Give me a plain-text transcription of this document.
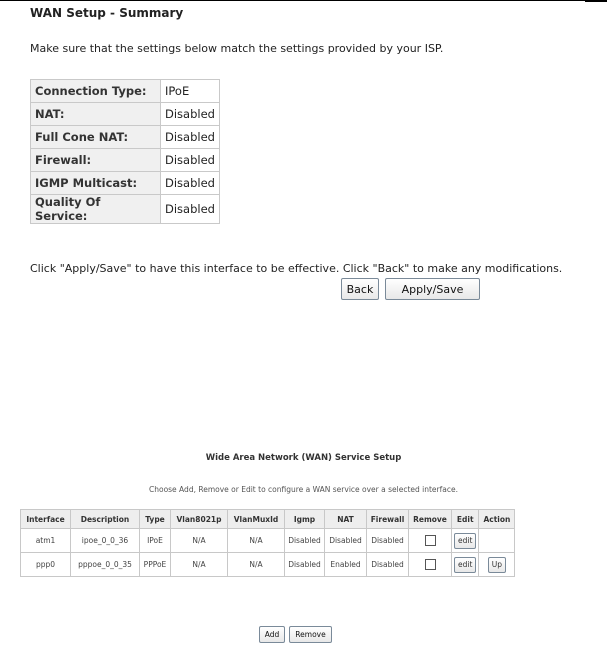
WAN Setup - Summary
Make sure that the settings below match the settings provided by your ISP.
Connection Type:	IPoE
NAT:	Disabled
Full Cone NAT:	Disabled
Firewall:	Disabled
IGMP Multicast:	Disabled
Quality Of Service:	Disabled
Click "Apply/Save" to have this interface to be effective. Click "Back" to make any modifications.
Back	Apply/Save
Wide Area Network (WAN) Service Setup
Choose Add, Remove or Edit to configure a WAN service over a selected interface.
Interface	Description	Type	Vlan8021p	VlanMuxId	Igmp	NAT	Firewall	Remove	Edit	Action
atm1	ipoe_0_0_36	IPoE	N/A	N/A	Disabled	Disabled	Disabled		edit	
ppp0	pppoe_0_0_35	PPPoE	N/A	N/A	Disabled	Enabled	Disabled		edit	Up
Add	Remove
